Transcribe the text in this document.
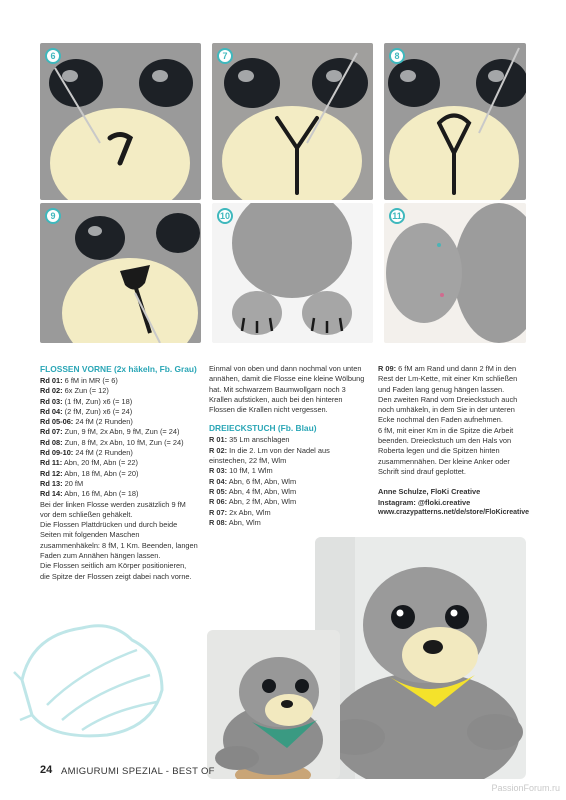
6	7	8
9	10	11
FLOSSEN VORNE (2x häkeln, Fb. Grau)
Rd 01: 6 fM in MR (= 6)
Rd 02: 6x Zun (= 12)
Rd 03: (1 fM, Zun) x6 (= 18)
Rd 04: (2 fM, Zun) x6 (= 24)
Rd 05-06: 24 fM (2 Runden)
Rd 07: Zun, 9 fM, 2x Abn, 9 fM, Zun (= 24)
Rd 08: Zun, 8 fM, 2x Abn, 10 fM, Zun (= 24)
Rd 09-10: 24 fM (2 Runden)
Rd 11: Abn, 20 fM, Abn (= 22)
Rd 12: Abn, 18 fM, Abn (= 20)
Rd 13: 20 fM
Rd 14: Abn, 16 fM, Abn (= 18)

Bei der linken Flosse werden zusätzlich 9 fM vor dem schließen gehäkelt.

Die Flossen Plattdrücken und durch beide Seiten mit folgenden Maschen zusammenhäkeln: 8 fM, 1 Km. Beenden, langen Faden zum Annähen hängen lassen.

Die Flossen seitlich am Körper positionieren, die Spitze der Flossen zeigt dabei nach vorne.

Einmal von oben und dann nochmal von unten annähen, damit die Flosse eine kleine Wölbung hat. Mit schwarzem Baumwollgarn noch 3 Krallen aufsticken, auch bei den hinteren Flossen die Krallen nicht vergessen.

DREIECKSTUCH (Fb. Blau)
R 01: 35 Lm anschlagen
R 02: In die 2. Lm von der Nadel aus einstechen, 22 fM, Wlm
R 03: 10 fM, 1 Wlm
R 04: Abn, 6 fM, Abn, Wlm
R 05: Abn, 4 fM, Abn, Wlm
R 06: Abn, 2 fM, Abn, Wlm
R 07: 2x Abn, Wlm
R 08: Abn, Wlm

R 09: 6 fM am Rand und dann 2 fM in den Rest der Lm-Kette, mit einer Km schließen und Faden lang genug hängen lassen.

Den zweiten Rand vom Dreieckstuch auch noch umhäkeln, in dem Sie in der unteren Ecke nochmal den Faden aufnehmen.

6 fM, mit einer Km in die Spitze die Arbeit beenden. Dreieckstuch um den Hals von Roberta legen und die Spitzen hinten zusammennähen. Der kleine Anker oder Schrift sind drauf geplottet.

Anne Schulze, FloKi Creative
Instagram: @floki.creative
www.crazypatterns.net/de/store/FloKicreative
24 AMIGURUMI SPEZIAL - BEST OF
PassionForum.ru
